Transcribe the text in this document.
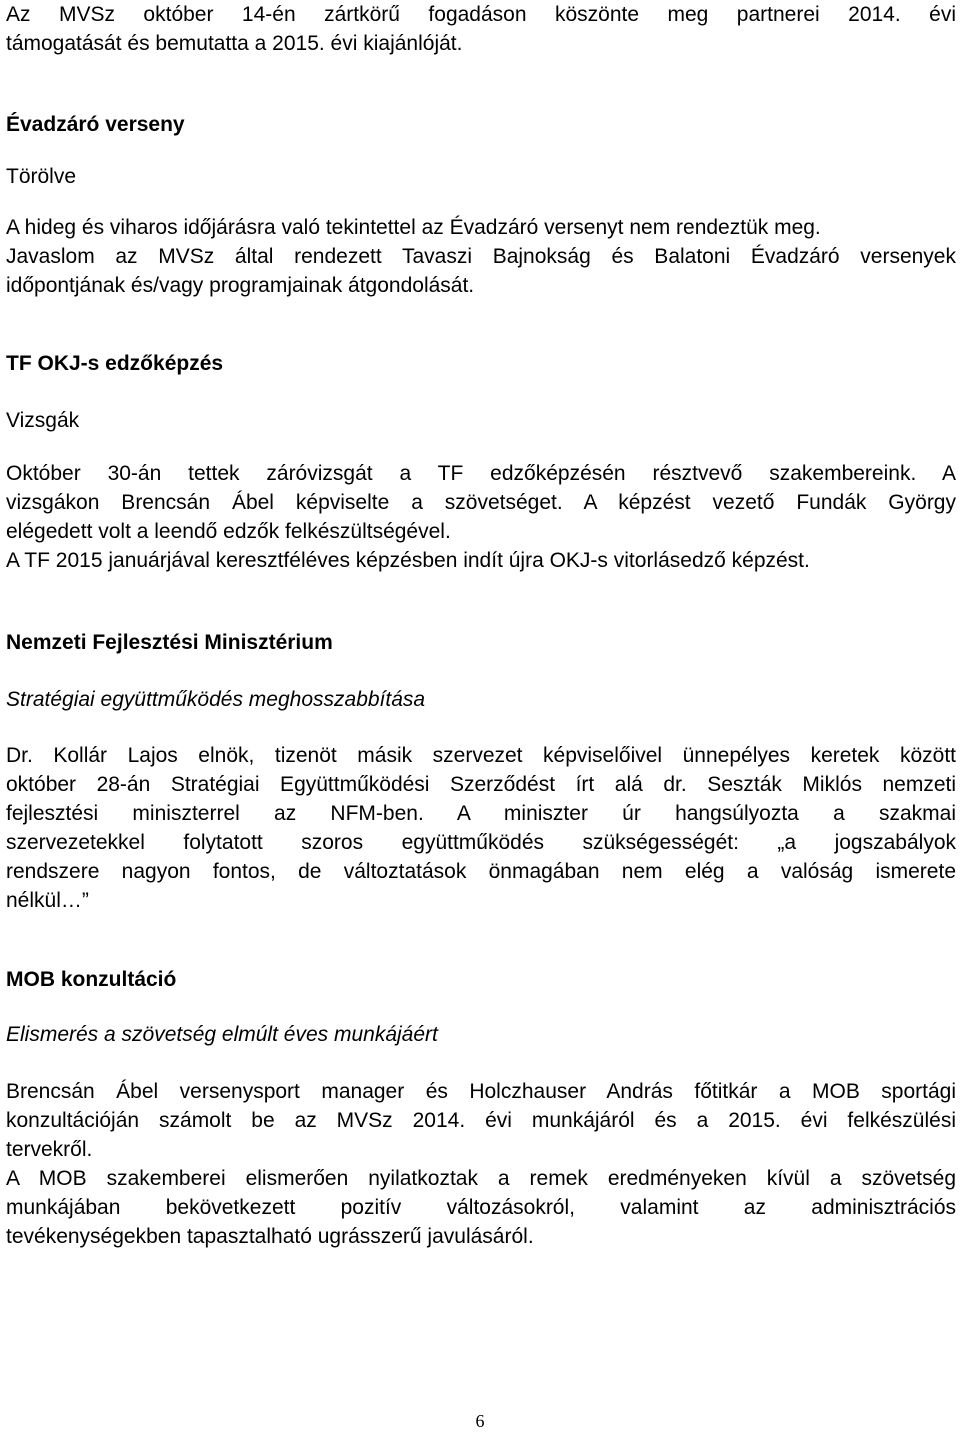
Az MVSz október 14-én zártkörű fogadáson köszönte meg partnerei 2014. évi

támogatását és bemutatta a 2015. évi kiajánlóját.

Évadzáró verseny

Törölve

A hideg és viharos időjárásra való tekintettel az Évadzáró versenyt nem rendeztük meg.

Javaslom az MVSz által rendezett Tavaszi Bajnokság és Balatoni Évadzáró versenyek

időpontjának és/vagy programjainak átgondolását.

TF OKJ-s edzőképzés

Vizsgák

Október 30-án tettek záróvizsgát a TF edzőképzésén résztvevő szakembereink. A

vizsgákon Brencsán Ábel képviselte a szövetséget. A képzést vezető Fundák György

elégedett volt a leendő edzők felkészültségével.

A TF 2015 januárjával keresztféléves képzésben indít újra OKJ-s vitorlásedző képzést.

Nemzeti Fejlesztési Minisztérium

Stratégiai együttműködés meghosszabbítása

Dr. Kollár Lajos elnök, tizenöt másik szervezet képviselőivel ünnepélyes keretek között

október 28-án Stratégiai Együttműködési Szerződést írt alá dr. Seszták Miklós nemzeti

fejlesztési miniszterrel az NFM-ben. A miniszter úr hangsúlyozta a szakmai

szervezetekkel folytatott szoros együttműködés szükségességét: „a jogszabályok

rendszere nagyon fontos, de változtatások önmagában nem elég a valóság ismerete

nélkül…”

MOB konzultáció

Elismerés a szövetség elmúlt éves munkájáért

Brencsán Ábel versenysport manager és Holczhauser András főtitkár a MOB sportági

konzultációján számolt be az MVSz 2014. évi munkájáról és a 2015. évi felkészülési

tervekről.

A MOB szakemberei elismerően nyilatkoztak a remek eredményeken kívül a szövetség

munkájában bekövetkezett pozitív változásokról, valamint az adminisztrációs

tevékenységekben tapasztalható ugrásszerű javulásáról.

6
